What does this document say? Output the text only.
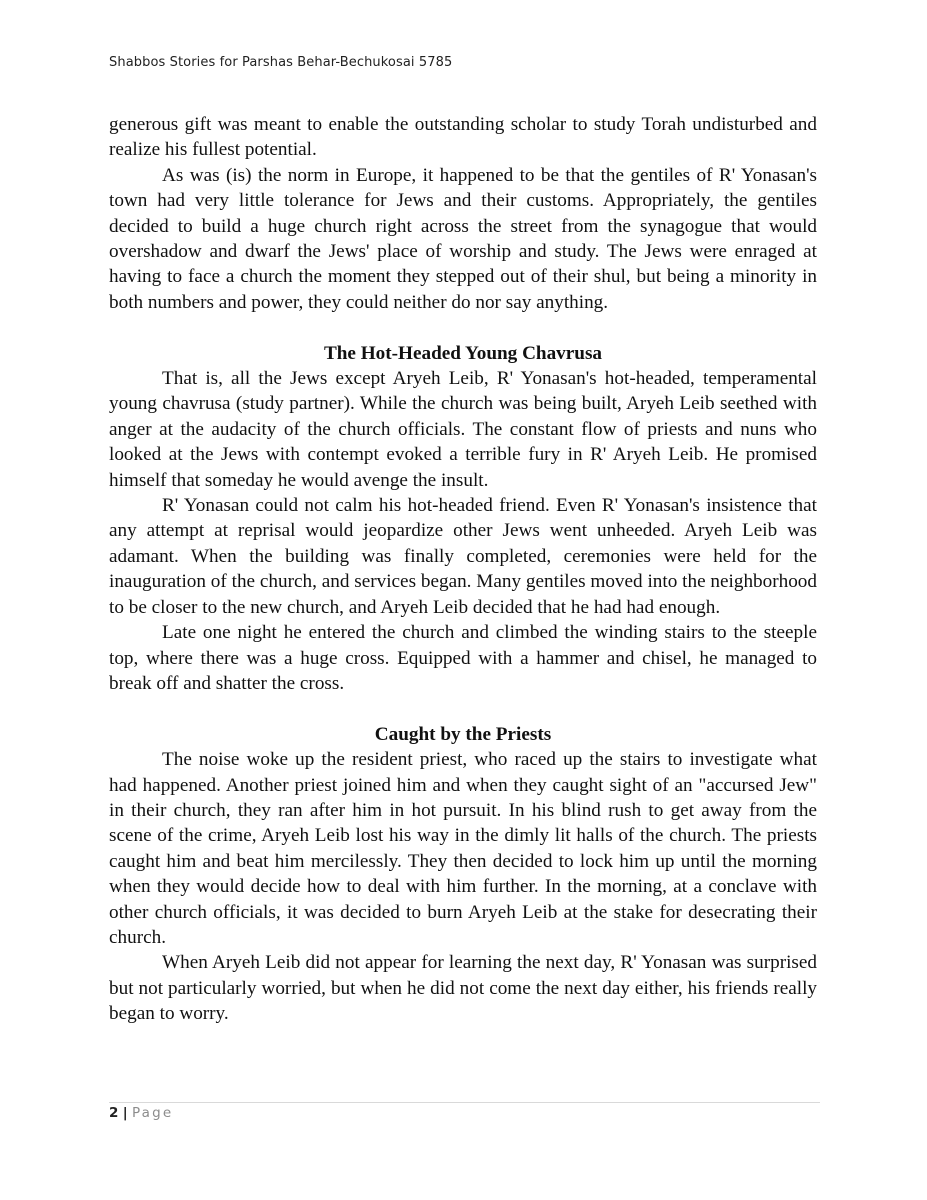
Shabbos Stories for Parshas Behar-Bechukosai 5785

generous gift was meant to enable the outstanding scholar to study Torah undisturbed and realize his fullest potential.

As was (is) the norm in Europe, it happened to be that the gentiles of R' Yonasan's town had very little tolerance for Jews and their customs. Appropriately, the gentiles decided to build a huge church right across the street from the synagogue that would overshadow and dwarf the Jews' place of worship and study. The Jews were enraged at having to face a church the moment they stepped out of their shul, but being a minority in both numbers and power, they could neither do nor say anything.

The Hot-Headed Young Chavrusa

That is, all the Jews except Aryeh Leib, R' Yonasan's hot-headed, temperamental young chavrusa (study partner). While the church was being built, Aryeh Leib seethed with anger at the audacity of the church officials. The constant flow of priests and nuns who looked at the Jews with contempt evoked a terrible fury in R' Aryeh Leib. He promised himself that someday he would avenge the insult.

R' Yonasan could not calm his hot-headed friend. Even R' Yonasan's insistence that any attempt at reprisal would jeopardize other Jews went unheeded. Aryeh Leib was adamant. When the building was finally completed, ceremonies were held for the inauguration of the church, and services began. Many gentiles moved into the neighborhood to be closer to the new church, and Aryeh Leib decided that he had had enough.

Late one night he entered the church and climbed the winding stairs to the steeple top, where there was a huge cross. Equipped with a hammer and chisel, he managed to break off and shatter the cross.

Caught by the Priests

The noise woke up the resident priest, who raced up the stairs to investigate what had happened. Another priest joined him and when they caught sight of an "accursed Jew" in their church, they ran after him in hot pursuit. In his blind rush to get away from the scene of the crime, Aryeh Leib lost his way in the dimly lit halls of the church. The priests caught him and beat him mercilessly. They then decided to lock him up until the morning when they would decide how to deal with him further. In the morning, at a conclave with other church officials, it was decided to burn Aryeh Leib at the stake for desecrating their church.

When Aryeh Leib did not appear for learning the next day, R' Yonasan was surprised but not particularly worried, but when he did not come the next day either, his friends really began to worry.

2 | Page
